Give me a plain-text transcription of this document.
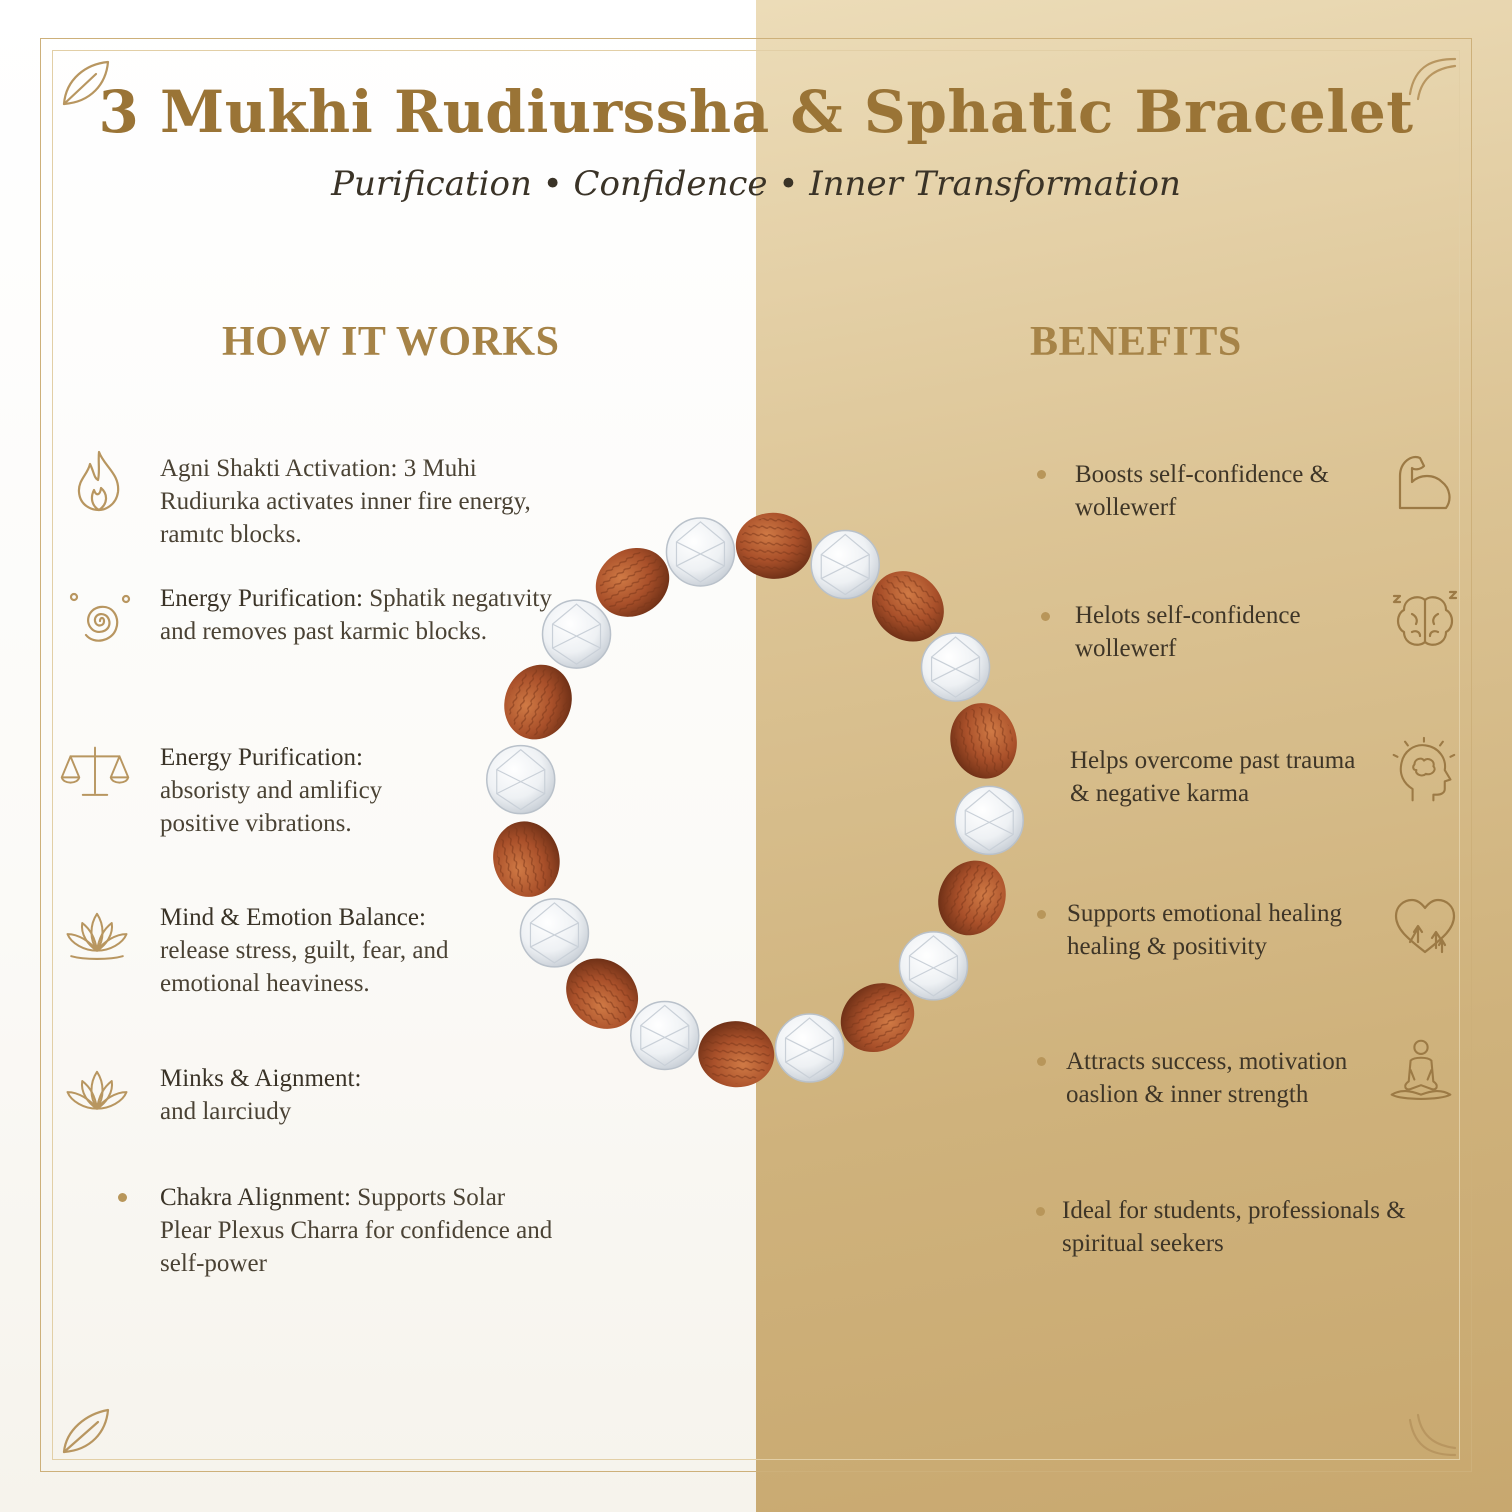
3 Mukhi Rudiurssha & Sphatic Bracelet
Purification • Confidence • Inner Transformation
HOW IT WORKS	BENEFITS
Agni Shakti Activation: 3 Muhi Rudiurıka activates inner fire energy, ramıtc blocks.
Energy Purification: Sphatik negatıvity and removes past karmic blocks.
Energy Purification: absoristy and amlificy positive vibrations.
Mind & Emotion Balance: release stress, guilt, fear, and emotional heaviness.
Minks & Aignment: and laırciudy
Chakra Alignment: Supports Solar Plear Plexus Charra for confidence and self-power
Boosts self-confidence & wollewerf
Helots self-confidence wollewerf
Helps overcome past trauma & negative karma
Supports emotional healing healing & positivity
Attracts success, motivation oaslion & inner strength
Ideal for students, professionals & spiritual seekers
